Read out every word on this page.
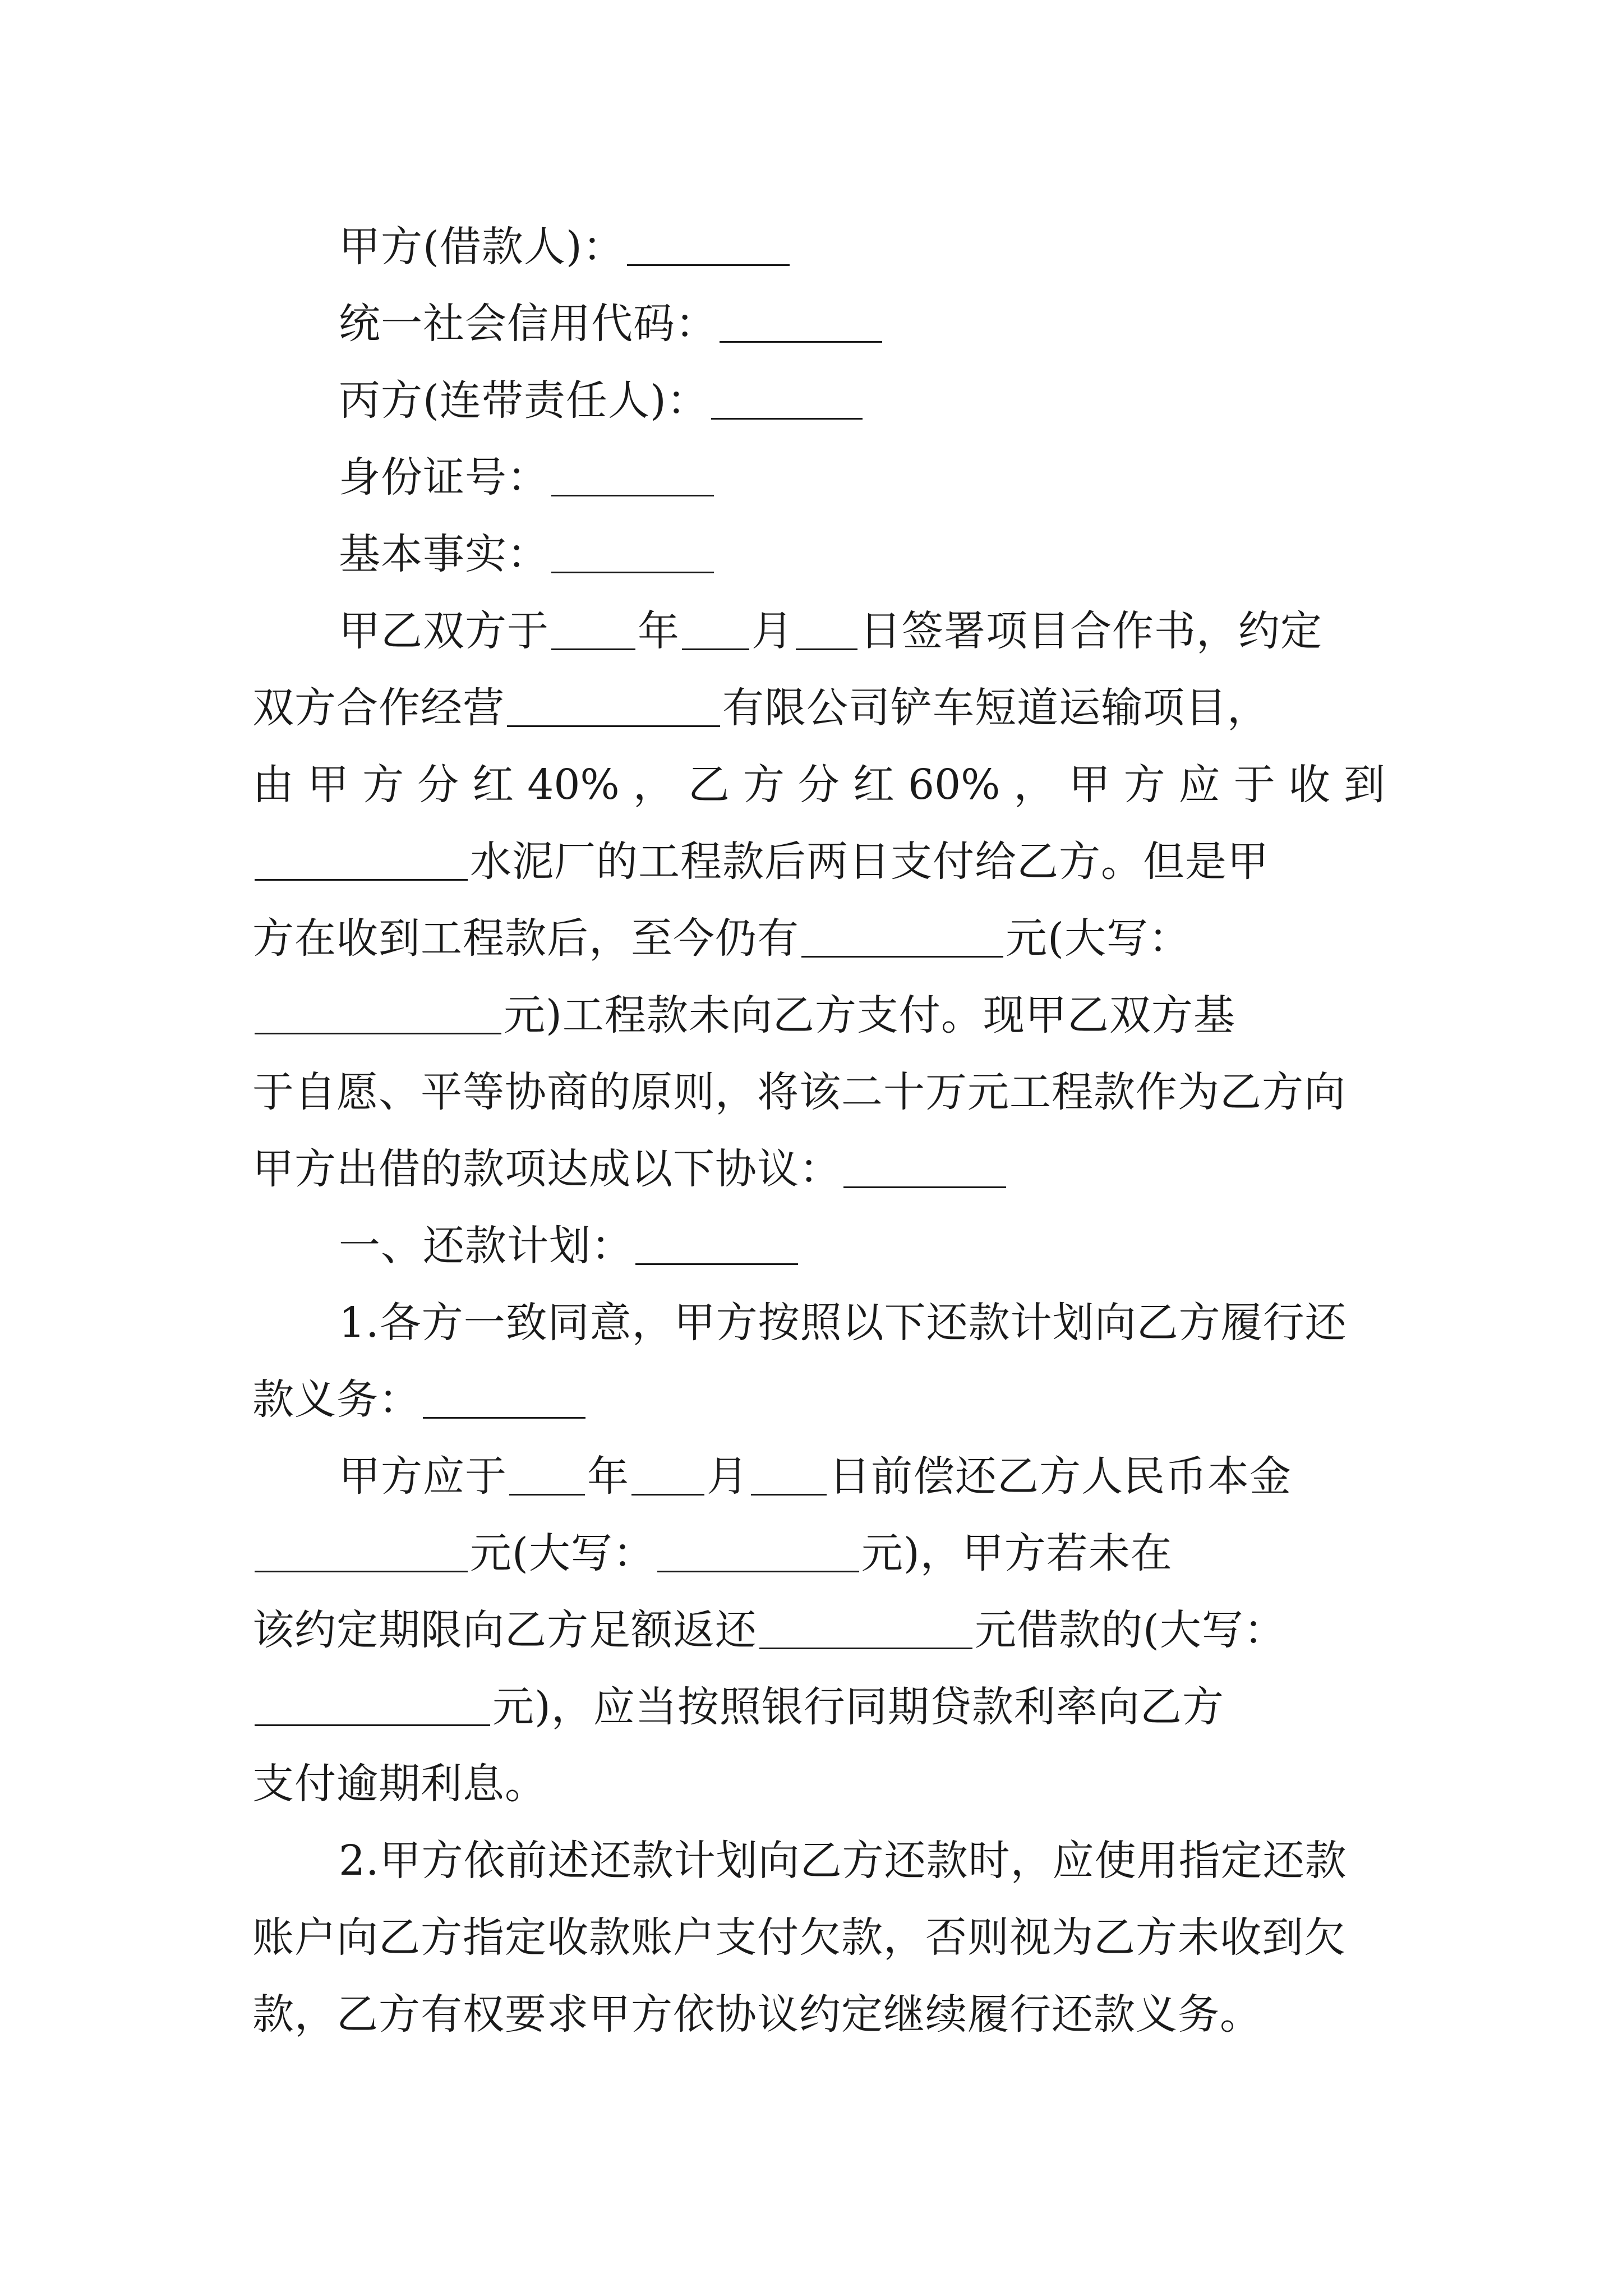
甲方(借款人)：
统一社会信用代码：
丙方(连带责任人)：
身份证号：
基本事实：
甲乙双方于 年 月 日签署项目合作书，约定
双方合作经营	有限公司铲车短道运输项目，
由 甲 方 分 红 40% ， 乙 方 分 红 60% ， 甲 方 应 于 收 到
水泥厂的工程款后两日支付给乙方。但是甲
方在收到工程款后，至今仍有	元(大写：
元)工程款未向乙方支付。现甲乙双方基
于自愿、平等协商的原则，将该二十万元工程款作为乙方向
甲方出借的款项达成以下协议：
一、还款计划：
1.各方一致同意，甲方按照以下还款计划向乙方履行还
款义务：
甲方应于 年 月 日前偿还乙方人民币本金
元(大写：	元)，甲方若未在
该约定期限向乙方足额返还	元借款的(大写：
元)，应当按照银行同期贷款利率向乙方
支付逾期利息。
2.甲方依前述还款计划向乙方还款时，应使用指定还款
账户向乙方指定收款账户支付欠款，否则视为乙方未收到欠
款，乙方有权要求甲方依协议约定继续履行还款义务。
